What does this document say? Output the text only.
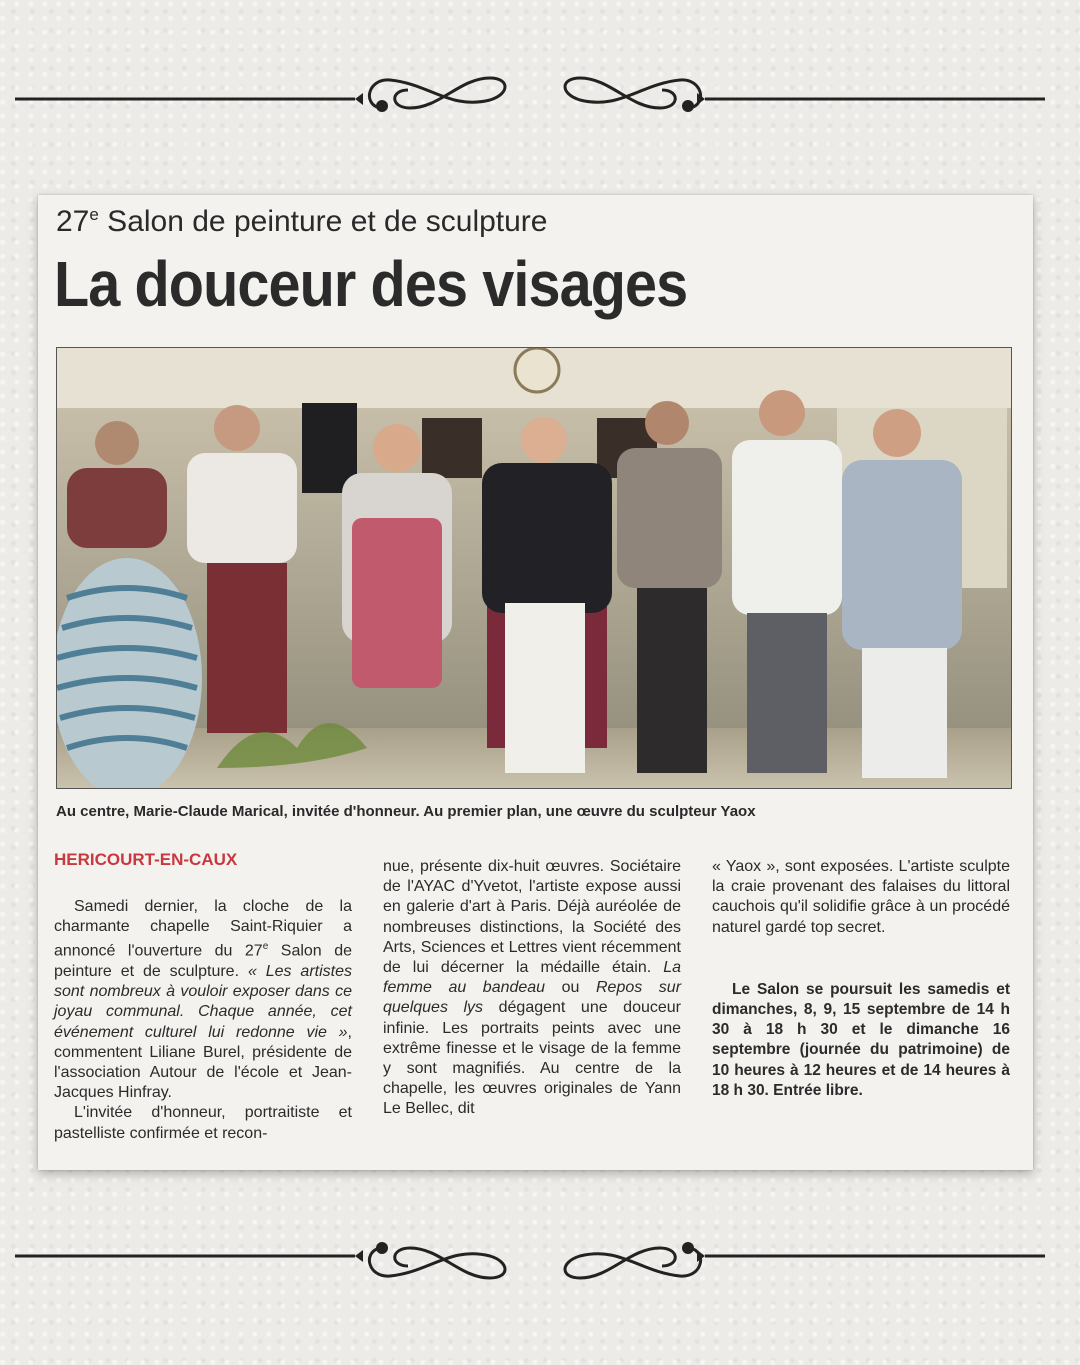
27e Salon de peinture et de sculpture
La douceur des visages
Au centre, Marie-Claude Marical, invitée d'honneur. Au premier plan, une œuvre du sculpteur Yaox
HERICOURT-EN-CAUX

Samedi dernier, la cloche de la charmante chapelle Saint-Riquier a annoncé l'ouverture du 27e Salon de peinture et de sculpture. « Les artistes sont nombreux à vouloir exposer dans ce joyau communal. Chaque année, cet événement culturel lui redonne vie », commentent Liliane Burel, présidente de l'association Autour de l'école et Jean-Jacques Hinfray.

L'invitée d'honneur, portraitiste et pastelliste confirmée et recon-

nue, présente dix-huit œuvres. Sociétaire de l'AYAC d'Yvetot, l'artiste expose aussi en galerie d'art à Paris. Déjà auréolée de nombreuses distinctions, la Société des Arts, Sciences et Lettres vient récemment de lui décerner la médaille étain. La femme au bandeau ou Repos sur quelques lys dégagent une douceur infinie. Les portraits peints avec une extrême finesse et le visage de la femme y sont magnifiés. Au centre de la chapelle, les œuvres originales de Yann Le Bellec, dit

« Yaox », sont exposées. L'artiste sculpte la craie provenant des falaises du littoral cauchois qu'il solidifie grâce à un procédé naturel gardé top secret.

Le Salon se poursuit les samedis et dimanches, 8, 9, 15 septembre de 14 h 30 à 18 h 30 et le dimanche 16 septembre (journée du patrimoine) de 10 heures à 12 heures et de 14 heures à 18 h 30. Entrée libre.
